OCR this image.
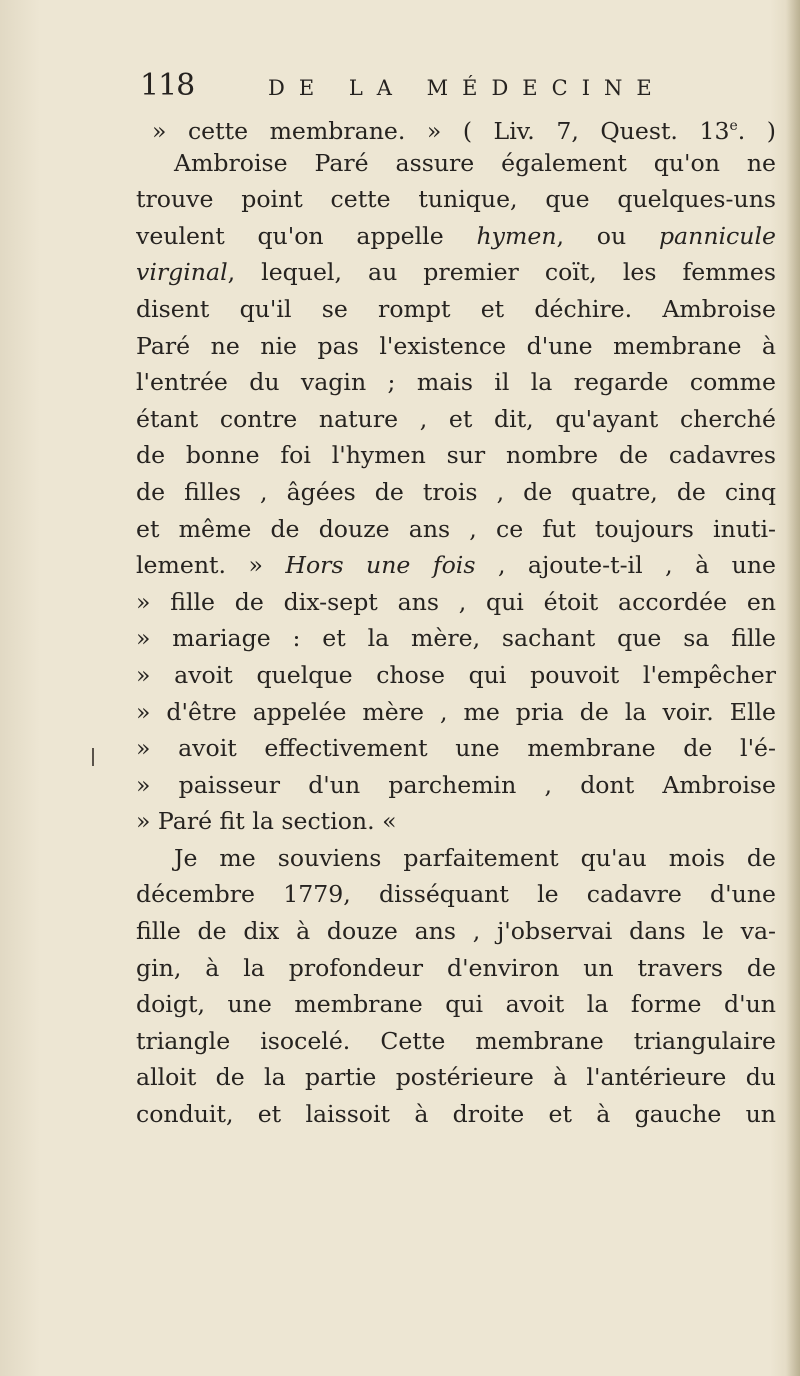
118	DE LA MÉDECINE
» cette membrane. » ( Liv. 7, Quest. 13e. )
Ambroise Paré assure également qu'on ne
trouve point cette tunique, que quelques-uns
veulent qu'on appelle hymen, ou pannicule
virginal, lequel, au premier coït, les femmes
disent qu'il se rompt et déchire. Ambroise
Paré ne nie pas l'existence d'une membrane à
l'entrée du vagin ; mais il la regarde comme
étant contre nature , et dit, qu'ayant cherché
de bonne foi l'hymen sur nombre de cadavres
de filles , âgées de trois , de quatre, de cinq
et même de douze ans , ce fut toujours inuti-
lement. » Hors une fois , ajoute-t-il , à une
» fille de dix-sept ans , qui étoit accordée en
» mariage : et la mère, sachant que sa fille
» avoit quelque chose qui pouvoit l'empêcher
» d'être appelée mère , me pria de la voir. Elle
» avoit effectivement une membrane de l'é-
» paisseur d'un parchemin , dont Ambroise
» Paré fit la section. «
Je me souviens parfaitement qu'au mois de
décembre 1779, disséquant le cadavre d'une
fille de dix à douze ans , j'observai dans le va-
gin, à la profondeur d'environ un travers de
doigt, une membrane qui avoit la forme d'un
triangle isocelé. Cette membrane triangulaire
alloit de la partie postérieure à l'antérieure du
conduit, et laissoit à droite et à gauche un
